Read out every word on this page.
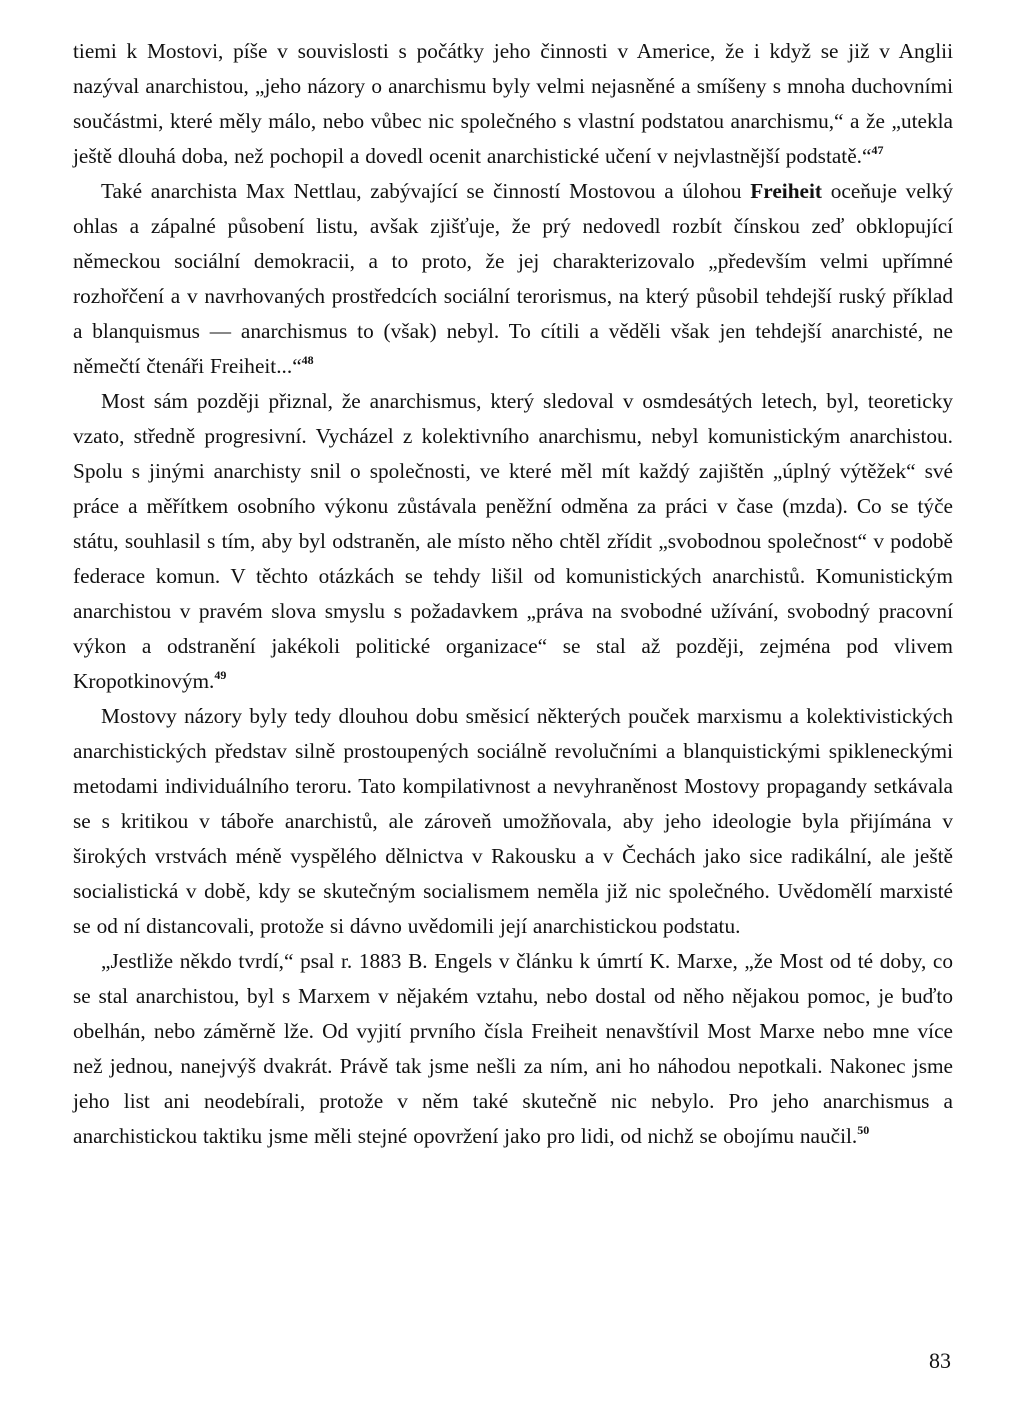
tiemi k Mostovi, píše v souvislosti s počátky jeho činnosti v Americe, že i když se již v Anglii nazýval anarchistou, „jeho názory o anarchismu byly velmi nejasněné a smíšeny s mnoha duchovními součástmi, které měly málo, nebo vůbec nic společného s vlastní podstatou anarchismu,“ a že „utekla ještě dlouhá doba, než pochopil a dovedl ocenit anarchistické učení v nejvlastnější podstatě.“$^{47}$

Také anarchista Max Nettlau, zabývající se činností Mostovou a úlohou Freiheit oceňuje velký ohlas a zápalné působení listu, avšak zjišťuje, že prý nedovedl rozbít čínskou zeď obklopující německou sociální demokracii, a to proto, že jej charakterizovalo „především velmi upřímné rozhořčení a v navrhovaných prostředcích sociální terorismus, na který působil tehdejší ruský příklad a blanquismus — anarchismus to (však) nebyl. To cítili a věděli však jen tehdejší anarchisté, ne němečtí čtenáři Freiheit...“$^{48}$

Most sám později přiznal, že anarchismus, který sledoval v osmdesátých letech, byl, teoreticky vzato, středně progresivní. Vycházel z kolektivního anarchismu, nebyl komunistickým anarchistou. Spolu s jinými anarchisty snil o společnosti, ve které měl mít každý zajištěn „úplný výtěžek“ své práce a měřítkem osobního výkonu zůstávala peněžní odměna za práci v čase (mzda). Co se týče státu, souhlasil s tím, aby byl odstraněn, ale místo něho chtěl zřídit „svobodnou společnost“ v podobě federace komun. V těchto otázkách se tehdy lišil od komunistických anarchistů. Komunistickým anarchistou v pravém slova smyslu s požadavkem „práva na svobodné užívání, svobodný pracovní výkon a odstranění jakékoli politické organizace“ se stal až později, zejména pod vlivem Kropotkinovým.$^{49}$

Mostovy názory byly tedy dlouhou dobu směsicí některých pouček marxismu a kolektivistických anarchistických představ silně prostoupených sociálně revolučními a blanquistickými spikleneckými metodami individuálního teroru. Tato kompilativnost a nevyhraněnost Mostovy propagandy setkávala se s kritikou v táboře anarchistů, ale zároveň umožňovala, aby jeho ideologie byla přijímána v širokých vrstvách méně vyspělého dělnictva v Rakousku a v Čechách jako sice radikální, ale ještě socialistická v době, kdy se skutečným socialismem neměla již nic společného. Uvědomělí marxisté se od ní distancovali, protože si dávno uvědomili její anarchistickou podstatu.

„Jestliže někdo tvrdí,“ psal r. 1883 B. Engels v článku k úmrtí K. Marxe, „že Most od té doby, co se stal anarchistou, byl s Marxem v nějakém vztahu, nebo dostal od něho nějakou pomoc, je buďto obelhán, nebo záměrně lže. Od vyjití prvního čísla Freiheit nenavštívil Most Marxe nebo mne více než jednou, nanejvýš dvakrát. Právě tak jsme nešli za ním, ani ho náhodou nepotkali. Nakonec jsme jeho list ani neodebírali, protože v něm také skutečně nic nebylo. Pro jeho anarchismus a anarchistickou taktiku jsme měli stejné opovržení jako pro lidi, od nichž se obojímu naučil.$^{50}$

83
